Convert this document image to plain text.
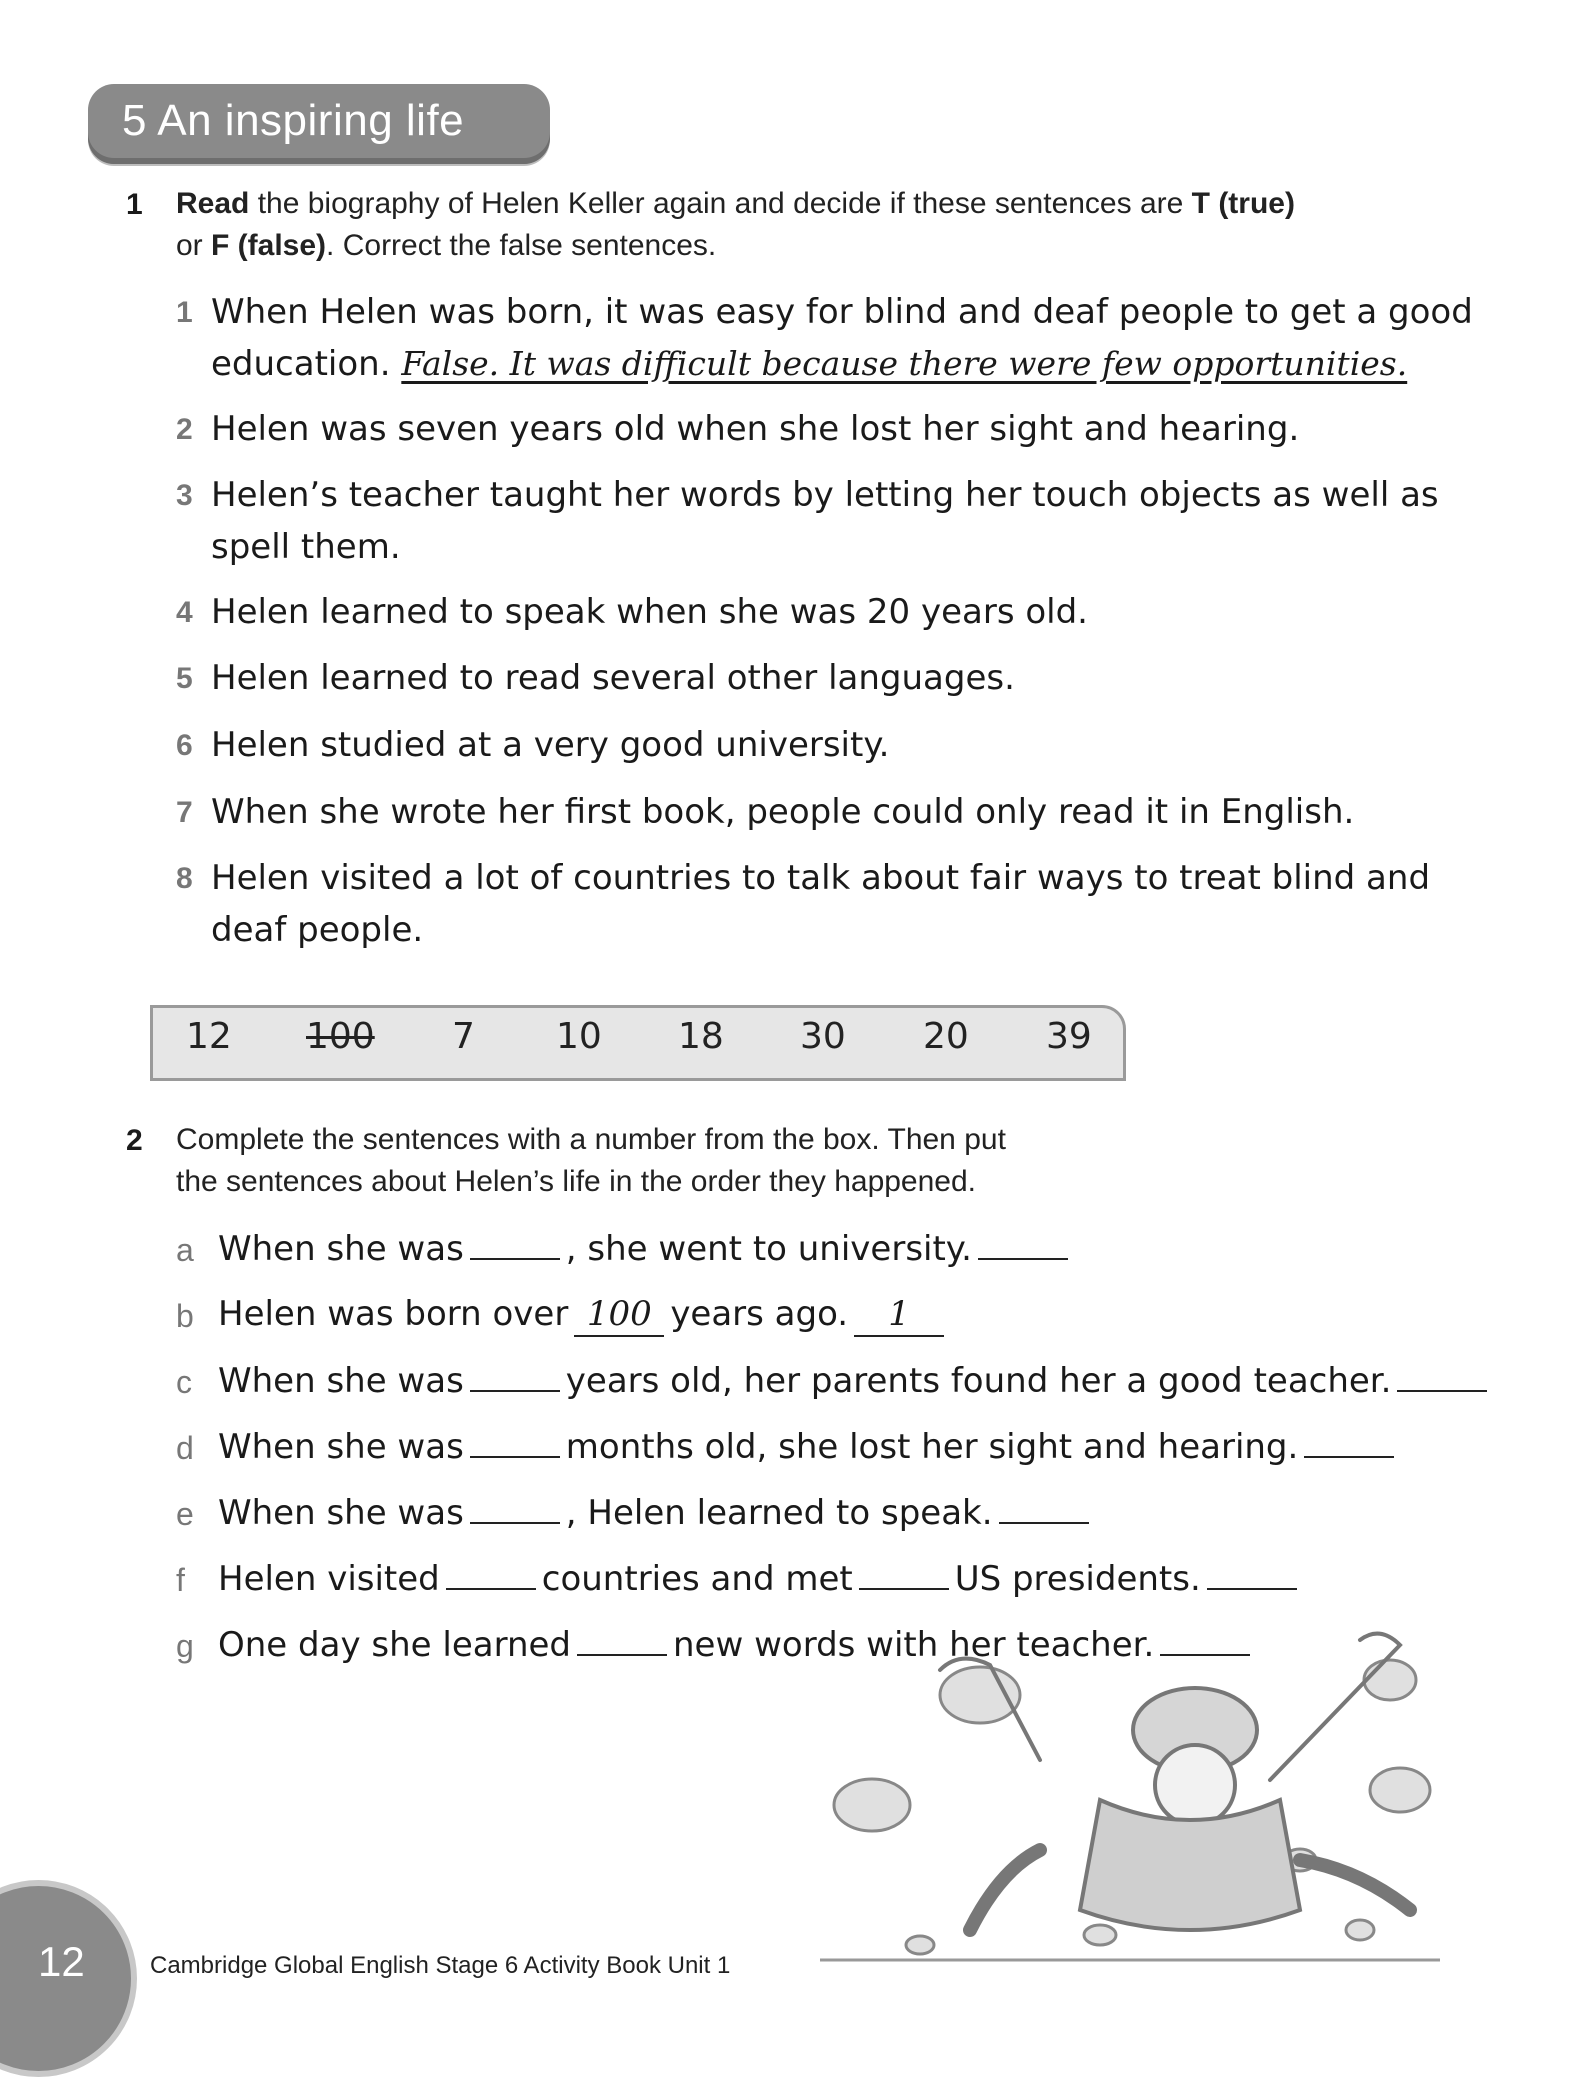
5 An inspiring life
1 Read the biography of Helen Keller again and decide if these sentences are T (true)
or F (false). Correct the false sentences.
1 When Helen was born, it was easy for blind and deaf people to get a good
education. False. It was difficult because there were few opportunities.
2 Helen was seven years old when she lost her sight and hearing.
3 Helen’s teacher taught her words by letting her touch objects as well as
spell them.
4 Helen learned to speak when she was 20 years old.
5 Helen learned to read several other languages.
6 Helen studied at a very good university.
7 When she wrote her first book, people could only read it in English.
8 Helen visited a lot of countries to talk about fair ways to treat blind and
deaf people.
12 100 7 10 18 30 20 39
2 Complete the sentences with a number from the box. Then put
the sentences about Helen’s life in the order they happened.
a When she was	, she went to university.
b Helen was born over 100 years ago. 1
c When she was	years old, her parents found her a good teacher.
d When she was	months old, she lost her sight and hearing.
e When she was	, Helen learned to speak.
f Helen visited	countries and met	US presidents.
g One day she learned	new words with her teacher.
12	Cambridge Global English Stage 6 Activity Book Unit 1
